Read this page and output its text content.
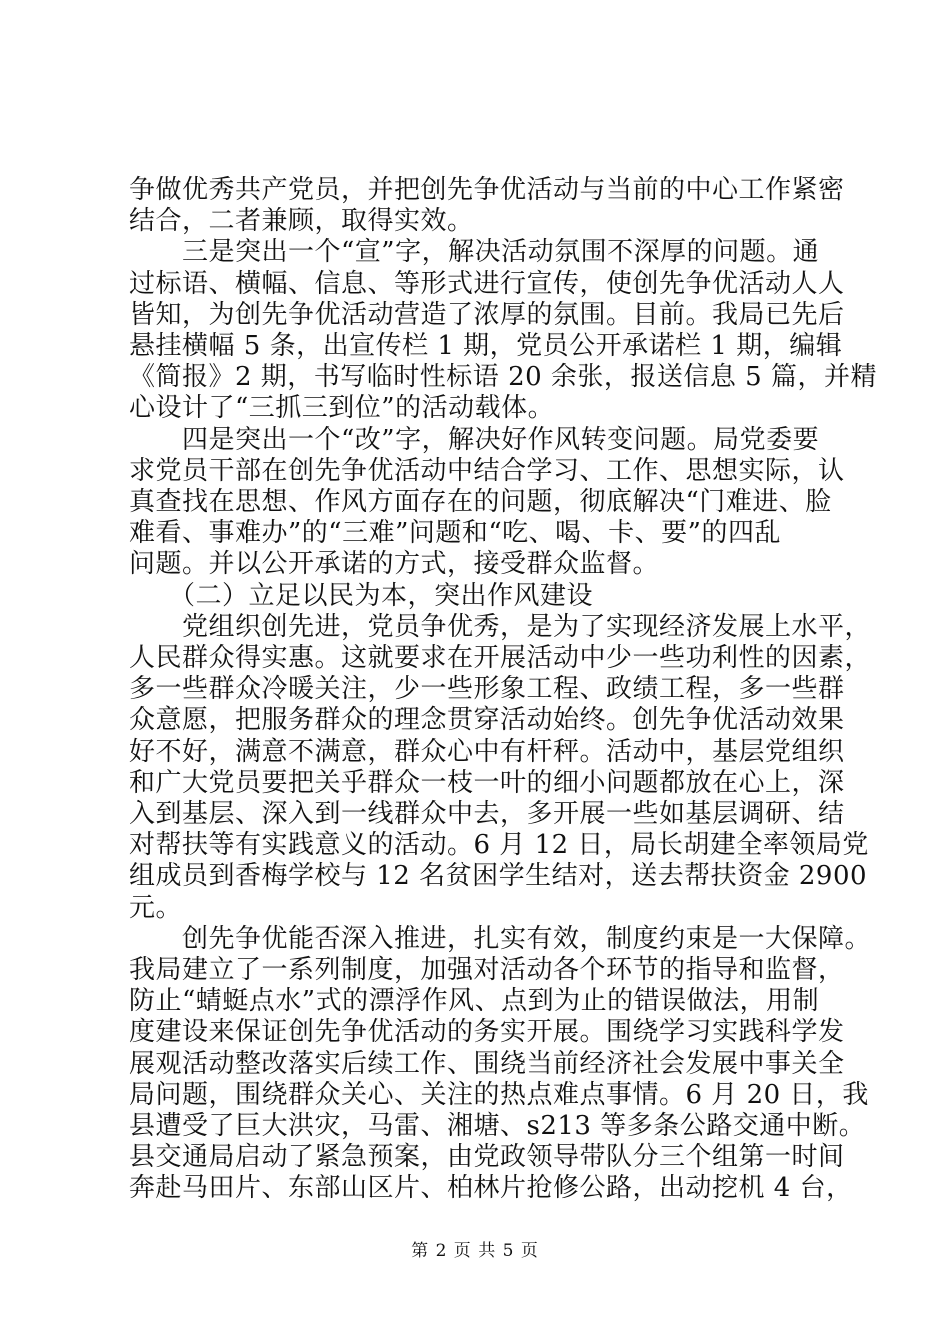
争做优秀共产党员，并把创先争优活动与当前的中心工作紧密
结合，二者兼顾，取得实效。
　　三是突出一个“宣”字，解决活动氛围不深厚的问题。通
过标语、横幅、信息、等形式进行宣传，使创先争优活动人人
皆知，为创先争优活动营造了浓厚的氛围。目前。我局已先后
悬挂横幅 5 条，出宣传栏 1 期，党员公开承诺栏 1 期，编辑
《简报》2 期，书写临时性标语 20 余张，报送信息 5 篇，并精
心设计了“三抓三到位”的活动载体。
　　四是突出一个“改”字，解决好作风转变问题。局党委要
求党员干部在创先争优活动中结合学习、工作、思想实际，认
真查找在思想、作风方面存在的问题，彻底解决“门难进、脸
难看、事难办”的“三难”问题和“吃、喝、卡、要”的四乱
问题。并以公开承诺的方式，接受群众监督。
　　（二）立足以民为本，突出作风建设
　　党组织创先进，党员争优秀，是为了实现经济发展上水平，
人民群众得实惠。这就要求在开展活动中少一些功利性的因素，
多一些群众冷暖关注，少一些形象工程、政绩工程，多一些群
众意愿，把服务群众的理念贯穿活动始终。创先争优活动效果
好不好，满意不满意，群众心中有杆秤。活动中，基层党组织
和广大党员要把关乎群众一枝一叶的细小问题都放在心上，深
入到基层、深入到一线群众中去，多开展一些如基层调研、结
对帮扶等有实践意义的活动。6 月 12 日，局长胡建全率领局党
组成员到香梅学校与 12 名贫困学生结对，送去帮扶资金 2900
元。
　　创先争优能否深入推进，扎实有效，制度约束是一大保障。
我局建立了一系列制度，加强对活动各个环节的指导和监督，
防止“蜻蜓点水”式的漂浮作风、点到为止的错误做法，用制
度建设来保证创先争优活动的务实开展。围绕学习实践科学发
展观活动整改落实后续工作、围绕当前经济社会发展中事关全
局问题，围绕群众关心、关注的热点难点事情。6 月 20 日，我
县遭受了巨大洪灾，马雷、湘塘、s213 等多条公路交通中断。
县交通局启动了紧急预案，由党政领导带队分三个组第一时间
奔赴马田片、东部山区片、柏林片抢修公路，出动挖机 4 台，
第 2 页 共 5 页
